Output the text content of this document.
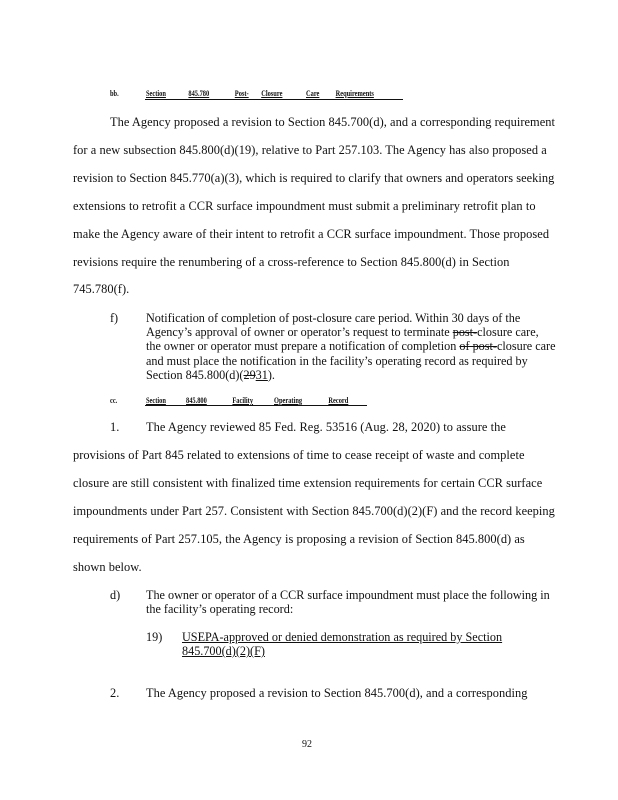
bb.	Section	845.780	Post- Closure	Care Requirements
The Agency proposed a revision to Section 845.700(d), and a corresponding requirement
for a new subsection 845.800(d)(19), relative to Part 257.103. The Agency has also proposed a
revision to Section 845.770(a)(3), which is required to clarify that owners and operators seeking
extensions to retrofit a CCR surface impoundment must submit a preliminary retrofit plan to
make the Agency aware of their intent to retrofit a CCR surface impoundment. Those proposed
revisions require the renumbering of a cross-reference to Section 845.800(d) in Section
745.780(f).
f) Notification of completion of post-closure care period. Within 30 days of the
Agency’s approval of owner or operator’s request to terminate post-closure care,
the owner or operator must prepare a notification of completion of post-closure care
and must place the notification in the facility’s operating record as required by
Section 845.800(d)(2931).
cc.	Section	845.800	Facility	Operating	Record
1. The Agency reviewed 85 Fed. Reg. 53516 (Aug. 28, 2020) to assure the
provisions of Part 845 related to extensions of time to cease receipt of waste and complete
closure are still consistent with finalized time extension requirements for certain CCR surface
impoundments under Part 257. Consistent with Section 845.700(d)(2)(F) and the record keeping
requirements of Part 257.105, the Agency is proposing a revision of Section 845.800(d) as
shown below.
d) The owner or operator of a CCR surface impoundment must place the following in
the facility’s operating record:
19) USEPA-approved or denied demonstration as required by Section
845.700(d)(2)(F)
2. The Agency proposed a revision to Section 845.700(d), and a corresponding
92
